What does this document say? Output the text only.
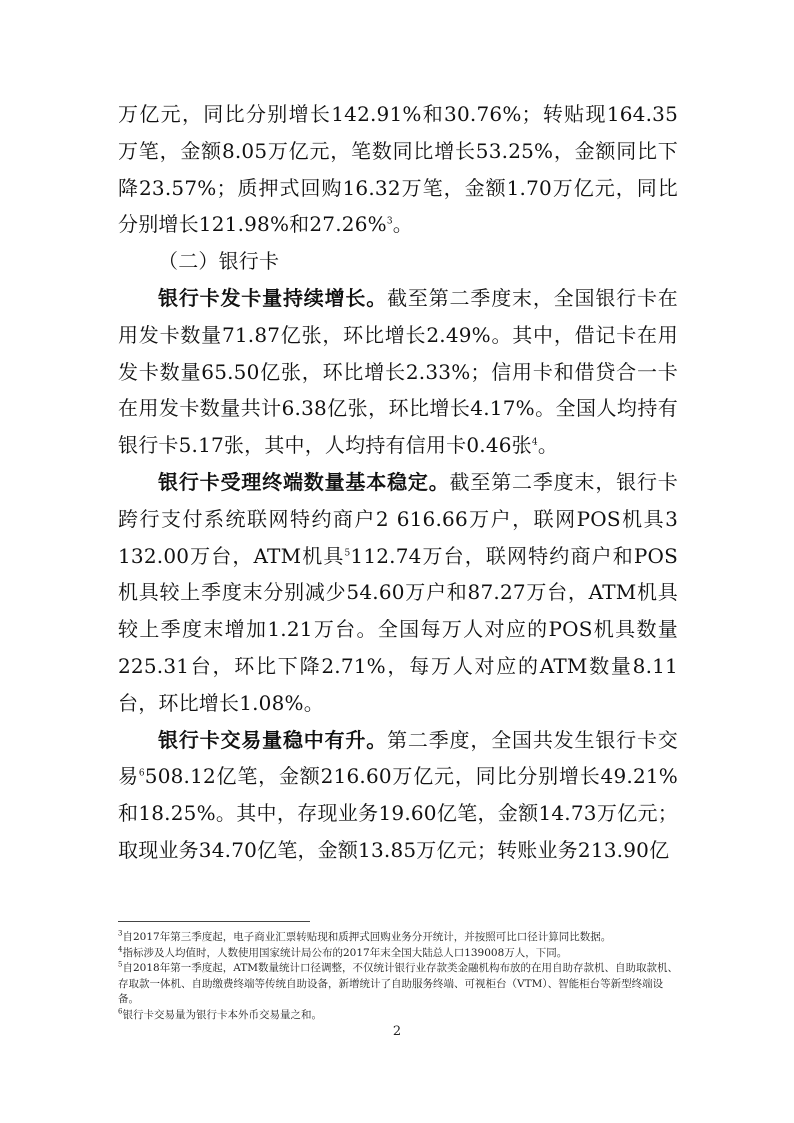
万亿元，同比分别增长142.91%和30.76%；转贴现164.35万笔，金额8.05万亿元，笔数同比增长53.25%，金额同比下降23.57%；质押式回购16.32万笔，金额1.70万亿元，同比分别增长121.98%和27.26%$^3$。

（二）银行卡

银行卡发卡量持续增长。截至第二季度末，全国银行卡在用发卡数量71.87亿张，环比增长2.49%。其中，借记卡在用发卡数量65.50亿张，环比增长2.33%；信用卡和借贷合一卡在用发卡数量共计6.38亿张，环比增长4.17%。全国人均持有银行卡5.17张，其中，人均持有信用卡0.46张$^4$。

银行卡受理终端数量基本稳定。截至第二季度末，银行卡跨行支付系统联网特约商户2 616.66万户，联网POS机具3 132.00万台，ATM机具$^5$112.74万台，联网特约商户和POS机具较上季度末分别减少54.60万户和87.27万台，ATM机具较上季度末增加1.21万台。全国每万人对应的POS机具数量225.31台，环比下降2.71%，每万人对应的ATM数量8.11台，环比增长1.08%。

银行卡交易量稳中有升。第二季度，全国共发生银行卡交易$^6$508.12亿笔，金额216.60万亿元，同比分别增长49.21%和18.25%。其中，存现业务19.60亿笔，金额14.73万亿元；取现业务34.70亿笔，金额13.85万亿元；转账业务213.90亿

$^3$自2017年第三季度起，电子商业汇票转贴现和质押式回购业务分开统计，并按照可比口径计算同比数据。

$^4$指标涉及人均值时，人数使用国家统计局公布的2017年末全国大陆总人口139008万人，下同。

$^5$自2018年第一季度起，ATM数量统计口径调整，不仅统计银行业存款类金融机构布放的在用自助存款机、自助取款机、存取款一体机、自助缴费终端等传统自助设备，新增统计了自助服务终端、可视柜台（VTM）、智能柜台等新型终端设备。

$^6$银行卡交易量为银行卡本外币交易量之和。

2
